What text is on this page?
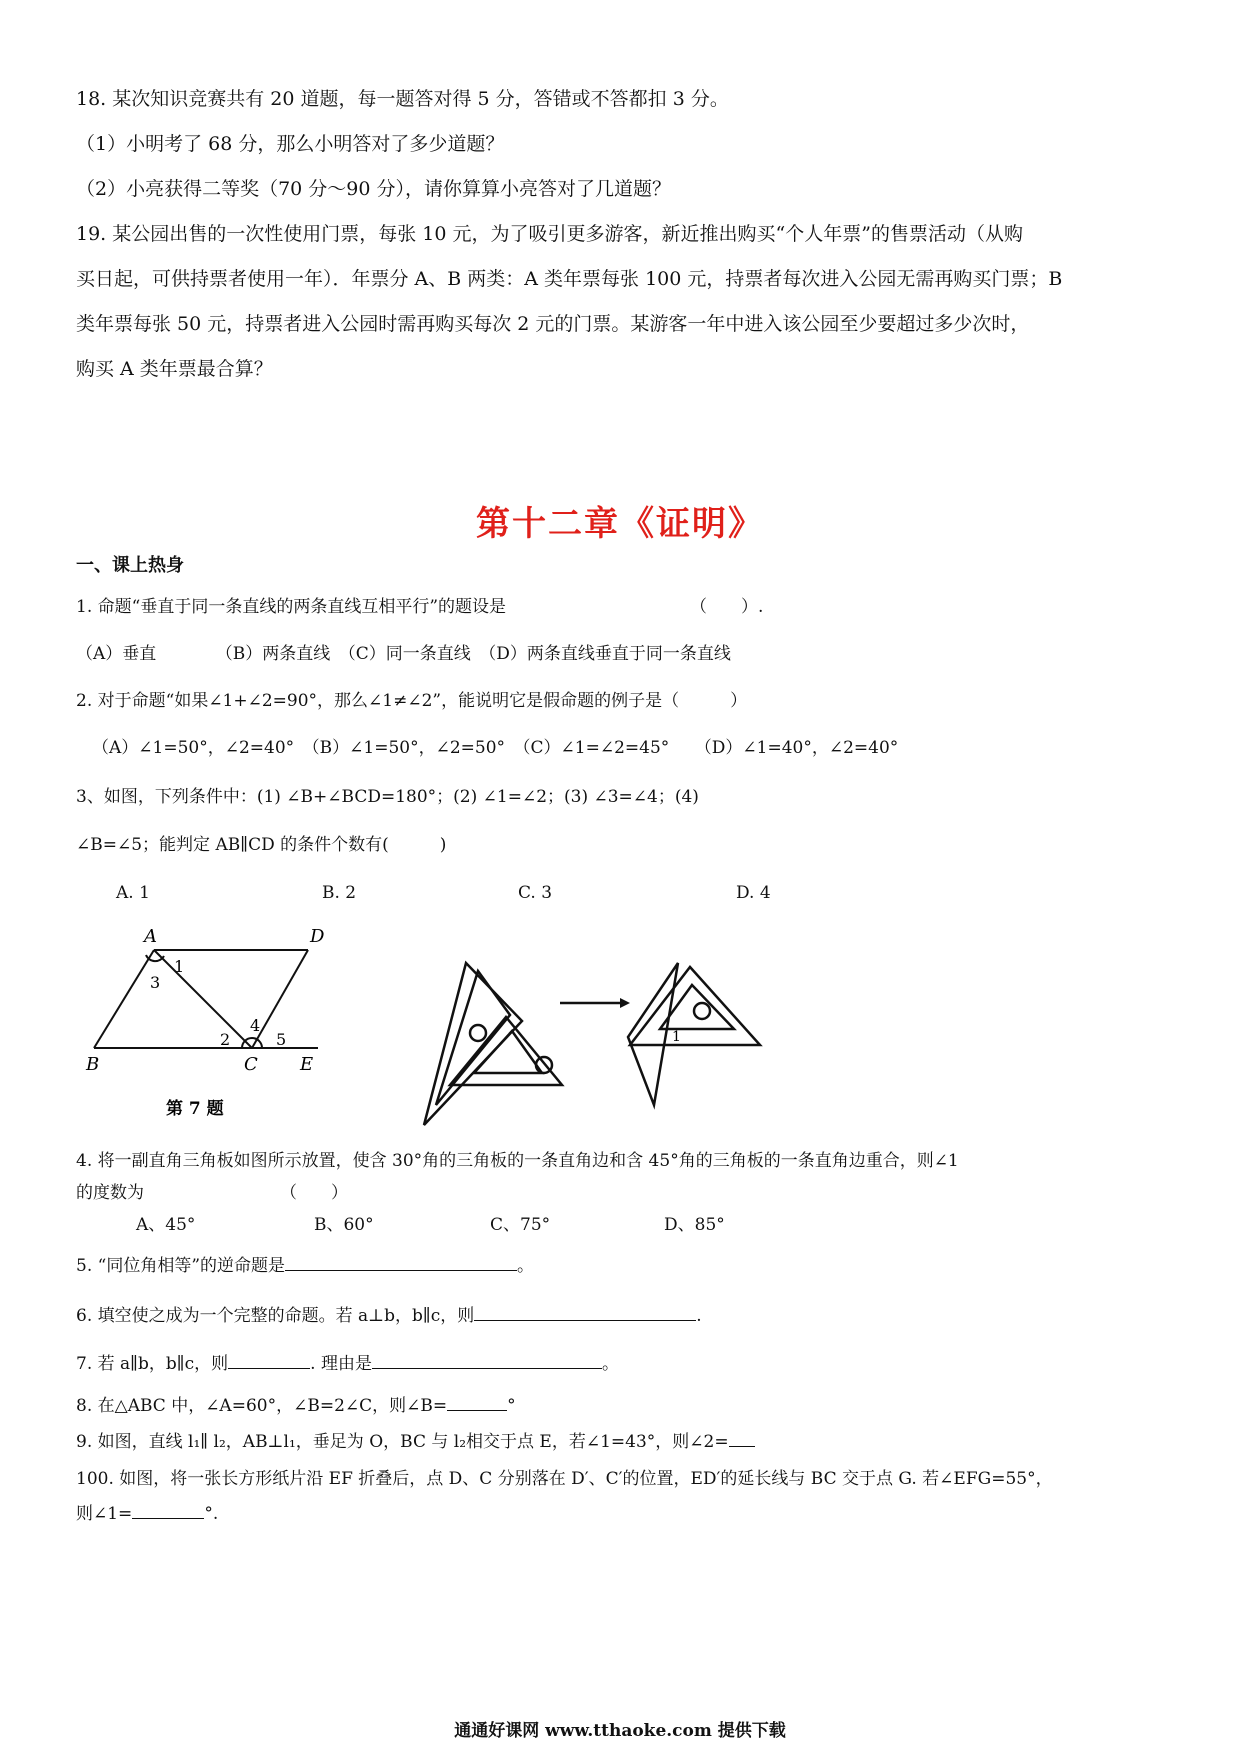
18. 某次知识竞赛共有 20 道题，每一题答对得 5 分，答错或不答都扣 3 分。
（1）小明考了 68 分，那么小明答对了多少道题？
（2）小亮获得二等奖（70 分～90 分），请你算算小亮答对了几道题？
19. 某公园出售的一次性使用门票，每张 10 元，为了吸引更多游客，新近推出购买“个人年票”的售票活动（从购
买日起，可供持票者使用一年）．年票分 A、B 两类：A 类年票每张 100 元，持票者每次进入公园无需再购买门票；B
类年票每张 50 元，持票者进入公园时需再购买每次 2 元的门票。某游客一年中进入该公园至少要超过多少次时，
购买 A 类年票最合算？
第十二章《证明》
一、课上热身
1. 命题“垂直于同一条直线的两条直线互相平行”的题设是	（　　）.
（A）垂直　　　　（B）两条直线　（C）同一条直线　（D）两条直线垂直于同一条直线
2. 对于命题“如果∠1+∠2=90°，那么∠1≠∠2”，能说明它是假命题的例子是（　　　）
（A）∠1=50°，∠2=40°　（B）∠1=50°，∠2=50°　（C）∠1=∠2=45°　　（D）∠1=40°，∠2=40°
3、如图，下列条件中：(1) ∠B+∠BCD=180°；(2) ∠1=∠2；(3) ∠3=∠4；(4)
∠B=∠5；能判定 AB∥CD 的条件个数有(　　　)
A. 1	B. 2	C. 3	D. 4
A	D
B	C E
1
3
2
4
5
第 7 题
1
4. 将一副直角三角板如图所示放置，使含 30°角的三角板的一条直角边和含 45°角的三角板的一条直角边重合，则∠1
的度数为	（　　）
A、45°	B、60°	C、75°	D、85°
5. “同位角相等”的逆命题是	。
6. 填空使之成为一个完整的命题。若 a⊥b，b∥c，则	.
7. 若 a∥b，b∥c，则	. 理由是	。
8. 在△ABC 中，∠A=60°，∠B=2∠C，则∠B=	°
9. 如图，直线 l₁∥ l₂，AB⊥l₁，垂足为 O，BC 与 l₂相交于点 E，若∠1=43°，则∠2=
100. 如图，将一张长方形纸片沿 EF 折叠后，点 D、C 分别落在 D′、C′的位置，ED′的延长线与 BC 交于点 G. 若∠EFG=55°，
则∠1=	°.
通通好课网 www.tthaoke.com 提供下载
